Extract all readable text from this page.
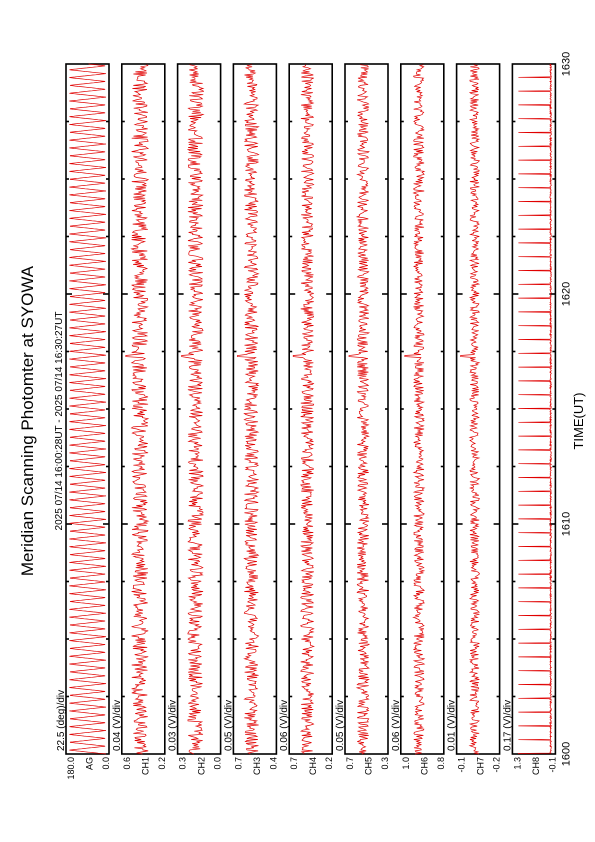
Meridian Scanning Photomter at SYOWA 2025 07/14 16:00:28UT - 2025 07/14 16:30:27UT
0.0
180.0 AG
22.5 (deg)/div
0.2
0.6 CH1
0.04 (V)/div
0.0
0.3 CH2
0.03 (V)/div
0.4
0.7 CH3
0.05 (V)/div
0.2
0.7 CH4
0.06 (V)/div
0.3
0.7 CH5
0.05 (V)/div
0.8
1.0 CH6
0.06 (V)/div
-0.2
-0.1 CH7
0.01 (V)/div
-0.1
1.3 CH8
0.17 (V)/div
1600
1610
1620
1630
TIME(UT)
